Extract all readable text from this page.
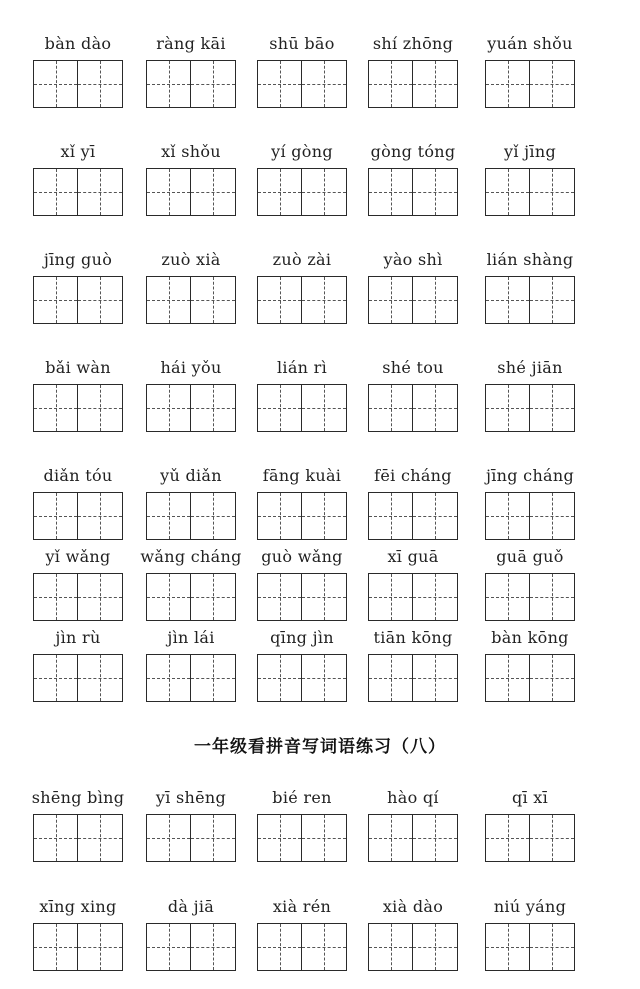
bàn dào	ràng kāi	shū bāo	shí zhōng	yuán shǒu
xǐ yī	xǐ shǒu	yí gòng	gòng tóng	yǐ jīng
jīng guò	zuò xià	zuò zài	yào shì	lián shàng
bǎi wàn	hái yǒu	lián rì	shé tou	shé jiān
diǎn tóu	yǔ diǎn	fāng kuài	fēi cháng	jīng cháng
yǐ wǎng	wǎng cháng	guò wǎng	xī guā	guā guǒ
jìn rù	jìn lái	qīng jìn	tiān kōng	bàn kōng
一年级看拼音写词语练习（八）
shēng bìng	yī shēng	bié ren	hào qí	qī xī
xīng xing	dà jiā	xià rén	xià dào	niú yáng
